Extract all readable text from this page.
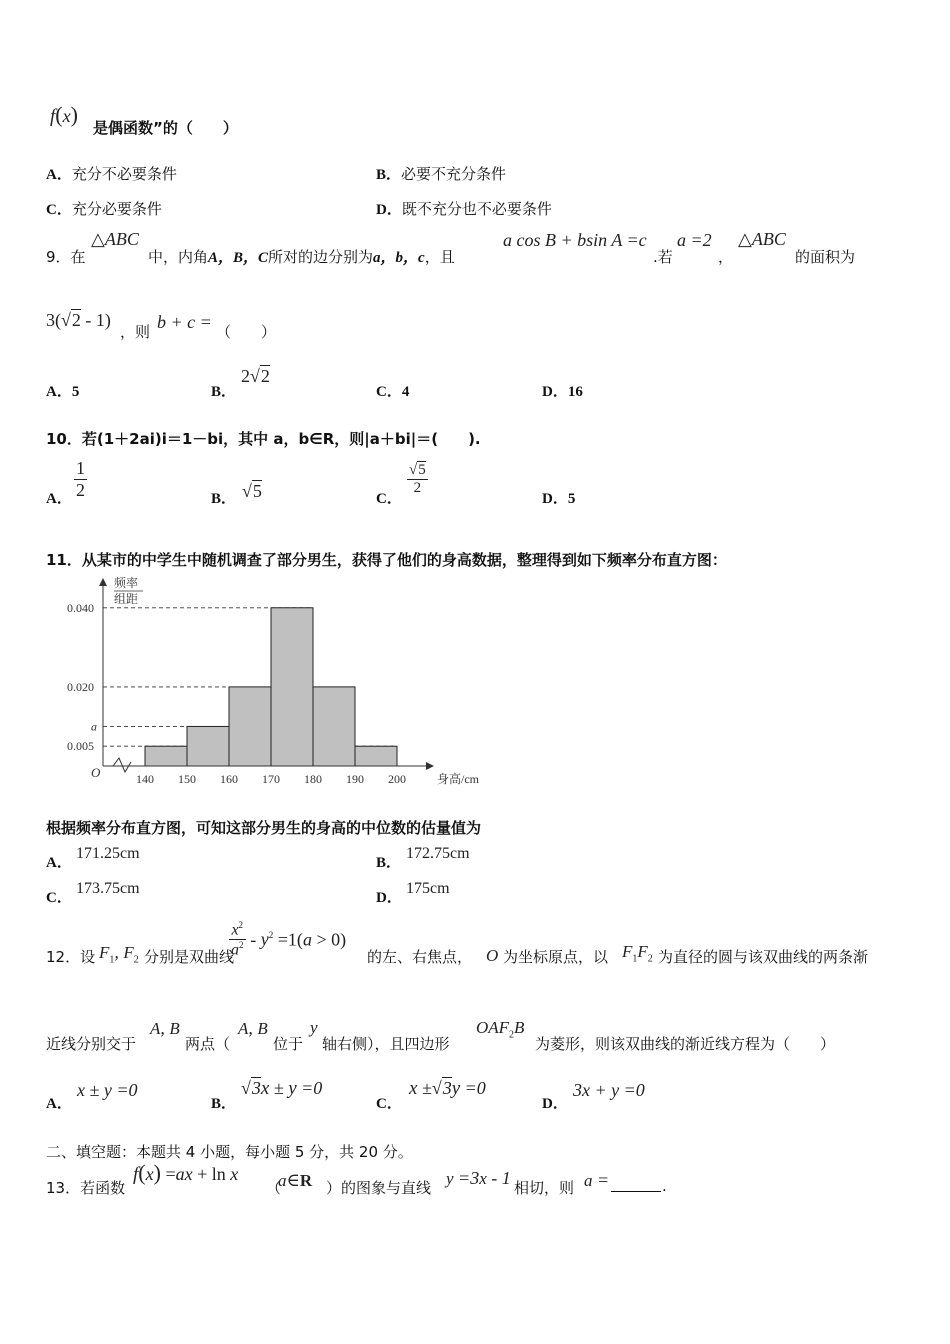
f(x)
是偶函数”的（　　）
A．充分不必要条件	B．必要不充分条件
C．充分必要条件	D．既不充分也不必要条件
9．在
△ABC
中，内角A，B，C所对的边分别为a，b，c，且
a cos B + bsin A =c
.若
a =2
，
△ABC
的面积为
3(√2 - 1)
，则 b + c = （　　）
A．5	B．
2√2
C．4	D．16
10．若(1＋2ai)i＝1－bi，其中 a，b∈R，则|a＋bi|＝(　　).
A． $\frac{1}{2}$	B． √5	C．
$\frac{√5}{2}$
D．5
11．从某市的中学生中随机调查了部分男生，获得了他们的身高数据，整理得到如下频率分布直方图：
频率
组距
O	身高/cm
0.005
a
0.020
0.040
140 150 160 170 180 190 200
根据频率分布直方图，可知这部分男生的身高的中位数的估量值为
A．
171.25cm
B．
172.75cm
C．
173.75cm
D．
175cm
12．设 $F_1$, $F_2$ 分别是双曲线
$\frac{x^2}{a^2} - y^2 =1(a > 0)$
的左、右焦点， O 为坐标原点，以 $F_1F_2$ 为直径的圆与该双曲线的两条渐
近线分别交于
A, B
两点（
A, B
位于
y
轴右侧），且四边形
$OAF_2B$
为菱形，则该双曲线的渐近线方程为（　　）
A．
x ± y =0
B．
√3x ± y =0
C．
x ±√3y =0
D．
3x + y =0
二、填空题：本题共 4 小题，每小题 5 分，共 20 分。
13．若函数
f(x) =ax + ln x
（
a∈R ）的图象与直线 y =3x - 1 相切，则 a =	.
